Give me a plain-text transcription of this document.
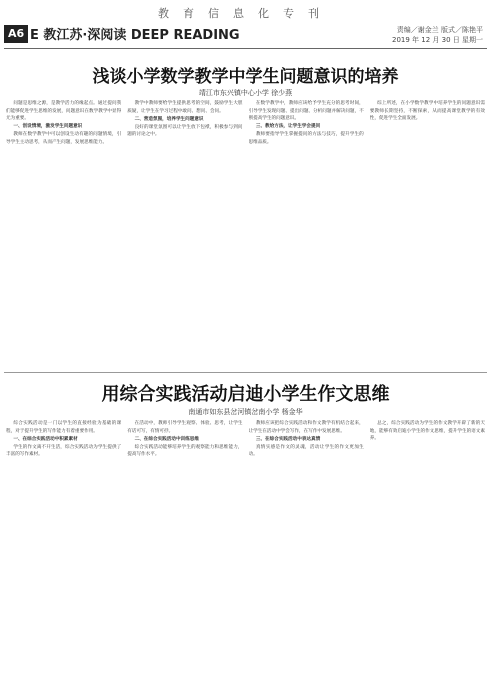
教育信息化专刊
A6 E 教江苏·深阅读 DEEP READING	责编／谢金兰 版式／陈艳平
2019 年 12 月 30 日 星期一
浅谈小学数学教学中学生问题意识的培养
靖江市东兴镇中心小学 徐少燕

问题是思维之源，是教学活力的缘起点。通过提问我们能够促进学生思维的发展，问题意识在数学教学中显得尤为重要。

一、创设情境，激发学生问题意识

教师在数学教学中可以创设生动有趣的问题情境，引导学生主动思考，从而产生问题，发展思维能力。

教学中教师要给学生提供思考的空间，鼓励学生大胆质疑，让学生在学习过程中敢问、想问、会问。

二、营造氛围，培养学生问题意识

良好的课堂氛围可以让学生放下包袱，积极参与到问题的讨论之中。

在数学教学中，教师应该给予学生充分的思考时间，引导学生发现问题、提出问题、分析问题并解决问题，不断提高学生的问题意识。

三、教给方法，让学生学会提问

教师要指导学生掌握提问的方法与技巧，提升学生的思维品质。

综上所述，在小学数学教学中培养学生的问题意识需要教师长期坚持，不断探索，从而提高课堂教学的有效性，促进学生全面发展。

用综合实践活动启迪小学生作文思维
南通市如东县岔河镇岔南小学 杨金华

综合实践活动是一门以学生的直接经验为基础的课程，对于提升学生的写作能力有着重要作用。

一、在综合实践活动中积累素材

学生的作文离不开生活，综合实践活动为学生提供了丰富的写作素材。

在活动中，教师引导学生观察、体验、思考，让学生有话可写，有情可抒。

二、在综合实践活动中训练思维

综合实践活动能够培养学生的观察能力和思维能力，提高写作水平。

教师应该把综合实践活动和作文教学有机结合起来，让学生在活动中学会写作，在写作中发展思维。

三、在综合实践活动中表达真情

真情实感是作文的灵魂，活动让学生的作文更加生动。

总之，综合实践活动为学生的作文教学开辟了新的天地，能够有效启迪小学生的作文思维，提升学生的语文素养。
